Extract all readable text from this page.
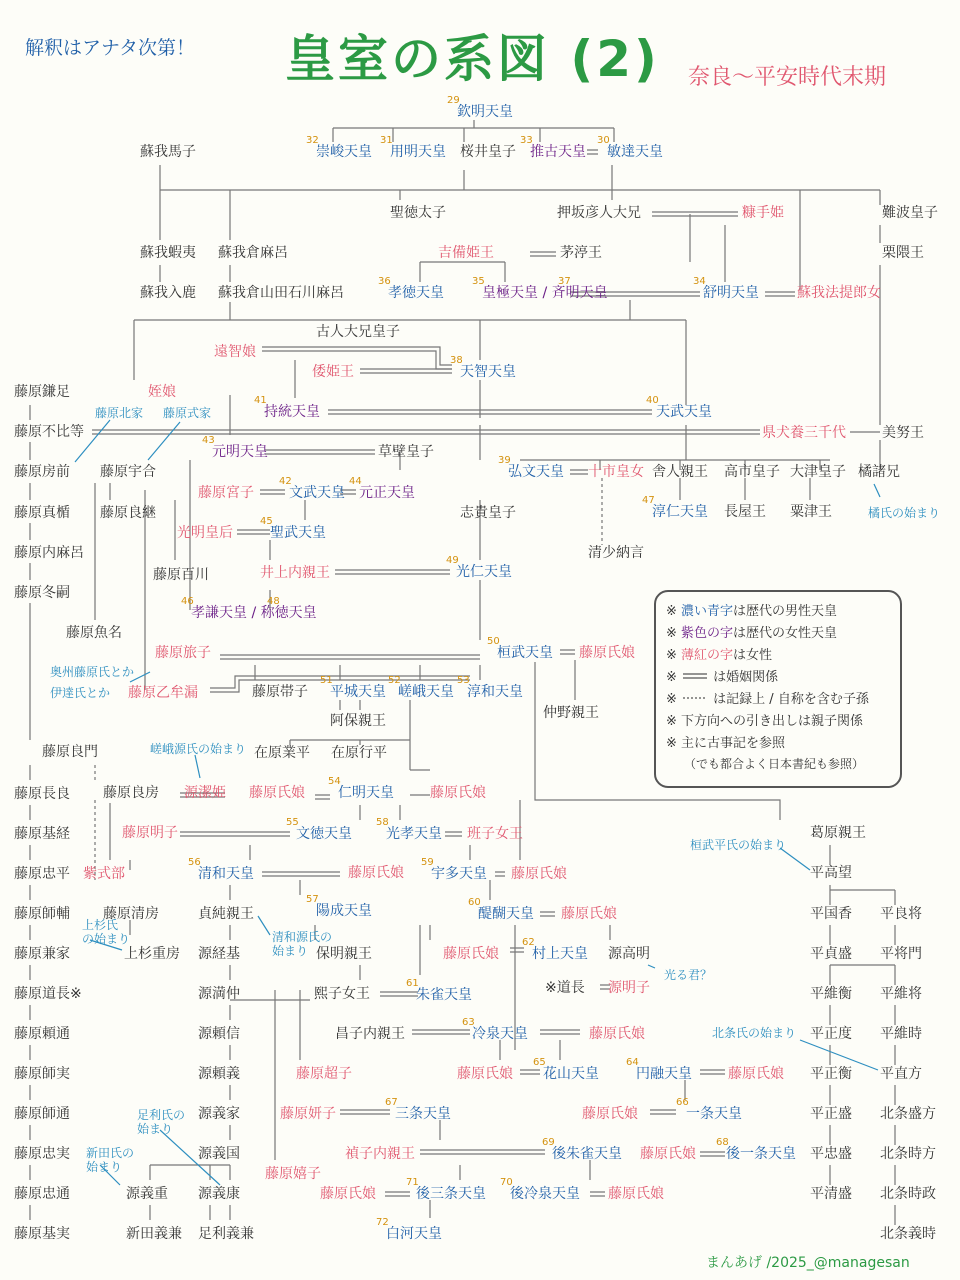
解釈はアナタ次第！ 皇室の系図 (2) 奈良～平安時代末期
欽明天皇
29
崇峻天皇
32
用明天皇
31
桜井皇子 推古天皇
33
敏達天皇
30
蘇我馬子
聖徳太子	押坂彦人大兄	糠手姫	難波皇子
蘇我蝦夷 蘇我倉麻呂	吉備姫王	茅渟王	栗隈王
蘇我入鹿 蘇我倉山田石川麻呂	孝徳天皇
36
皇極天皇 / 斉明天皇
35	37
舒明天皇
34
蘇我法提郎女
古人大兄皇子
遠智娘
天智天皇
38
倭姫王
藤原鎌足	姪娘
持統天皇
41
天武天皇
40
藤原不比等	県犬養三千代	美努王
元明天皇
43
草壁皇子
藤原房前 藤原宇合	弘文天皇
39
十市皇女 舎人親王 高市皇子 大津皇子 橘諸兄
藤原宮子	文武天皇
42
元正天皇
44
藤原真楯 藤原良継	淳仁天皇
47
長屋王 粟津王
光明皇后	聖武天皇
45
志貴皇子
藤原内麻呂	清少納言
藤原冬嗣
藤原百川	井上内親王	光仁天皇
49
孝謙天皇 / 称徳天皇
46	48
藤原魚名
藤原旅子	桓武天皇
50
藤原氏娘
藤原乙牟漏	藤原帯子 平城天皇
51
嵯峨天皇
52
淳和天皇
53
仲野親王
阿保親王
藤原良門	在原業平 在原行平
藤原長良 藤原良房 源潔姫 藤原氏娘 仁明天皇
54
藤原氏娘
藤原基経	藤原明子	文徳天皇
55
光孝天皇
58
班子女王	葛原親王
藤原忠平 紫式部	清和天皇
56
藤原氏娘 宇多天皇
59
藤原氏娘	平高望
陽成天皇
57
藤原師輔 藤原清房	貞純親王	醍醐天皇
60
藤原氏娘	平国香 平良将
藤原兼家	上杉重房 源経基	保明親王	藤原氏娘 村上天皇
62
源高明	平貞盛 平将門
藤原道長※	源満仲	熙子女王	朱雀天皇
61	※道長 源明子	平維衡 平維将
藤原頼通	源頼信	昌子内親王	冷泉天皇
63
藤原氏娘	平正度 平維時
藤原師実	源頼義	藤原超子	藤原氏娘 花山天皇
65
円融天皇
64
藤原氏娘 平正衡 平直方
藤原師通	源義家	藤原妍子	三条天皇
67
藤原氏娘	一条天皇
66
平正盛 北条盛方
藤原忠実	源義国	禎子内親王	後朱雀天皇
69
藤原氏娘 後一条天皇
68
平忠盛 北条時方
藤原嬉子
藤原忠通	源義重 源義康	藤原氏娘	後三条天皇
71
後冷泉天皇
70
藤原氏娘	平清盛 北条時政
藤原基実	新田義兼 足利義兼	白河天皇
72
北条義時
藤原北家 藤原式家
橘氏の始まり
奥州藤原氏とか
伊達氏とか
嵯峨源氏の始まり
桓武平氏の始まり
上杉氏
の始まり	清和源氏の
始まり
光る君？
北条氏の始まり
足利氏の
始まり
新田氏の
始まり
※ 濃い青字は歴代の男性天皇
※ 紫色の字は歴代の女性天皇
※ 薄紅の字は女性
※  は婚姻関係
※  は記録上 / 自称を含む子孫
※ 下方向への引き出しは親子関係
※ 主に古事記を参照
（でも都合よく日本書紀も参照）
まんあげ /2025_@managesan
